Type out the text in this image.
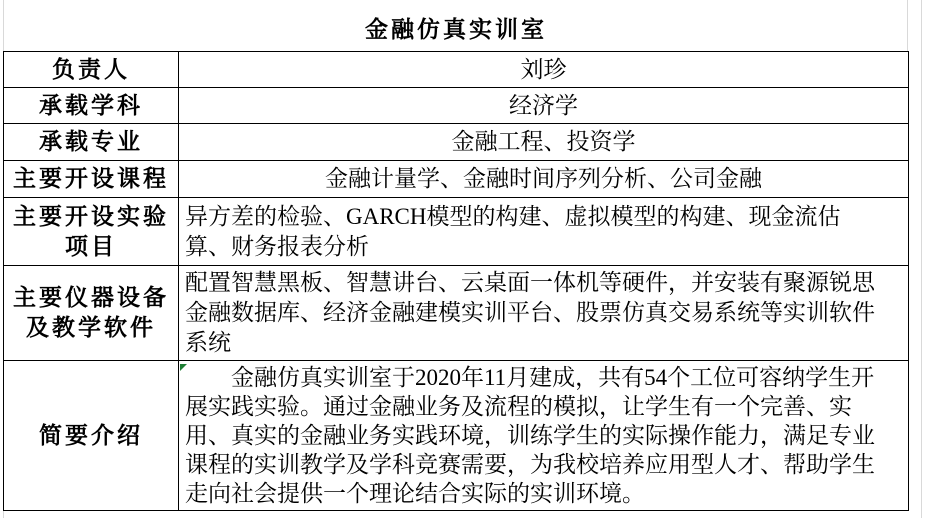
金融仿真实训室
负责人	刘珍
承载学科	经济学
承载专业	金融工程、投资学
主要开设课程	金融计量学、金融时间序列分析、公司金融
主要开设实验项目	异方差的检验、GARCH模型的构建、虚拟模型的构建、现金流估算、财务报表分析
主要仪器设备及教学软件	配置智慧黑板、智慧讲台、云桌面一体机等硬件，并安装有聚源锐思金融数据库、经济金融建模实训平台、股票仿真交易系统等实训软件系统
简要介绍	金融仿真实训室于2020年11月建成，共有54个工位可容纳学生开展实践实验。通过金融业务及流程的模拟，让学生有一个完善、实用、真实的金融业务实践环境，训练学生的实际操作能力，满足专业课程的实训教学及学科竞赛需要，为我校培养应用型人才、帮助学生走向社会提供一个理论结合实际的实训环境。
